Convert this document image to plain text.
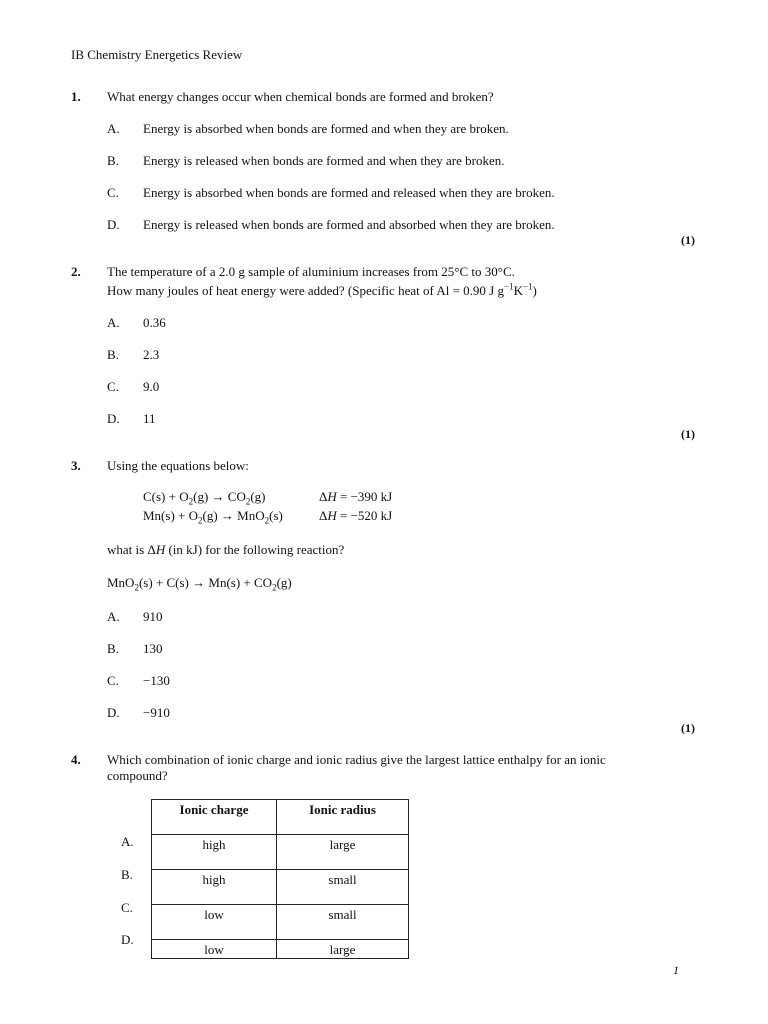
IB Chemistry Energetics Review
1. What energy changes occur when chemical bonds are formed and broken?
A. Energy is absorbed when bonds are formed and when they are broken.
B. Energy is released when bonds are formed and when they are broken.
C. Energy is absorbed when bonds are formed and released when they are broken.
D. Energy is released when bonds are formed and absorbed when they are broken.
(1)
2. The temperature of a 2.0 g sample of aluminium increases from 25°C to 30°C.
How many joules of heat energy were added? (Specific heat of Al = 0.90 J $g^{-1}K^{-1}$)
A. 0.36
B. 2.3
C. 9.0
D. 11
(1)
3. Using the equations below:
$C(s) + O_2(g) \to CO_2(g)$	ΔH = −390 kJ
$Mn(s) + O_2(g) \to MnO_2(s)$	ΔH = −520 kJ
what is ΔH (in kJ) for the following reaction?
$MnO_2(s) + C(s) \to Mn(s) + CO_2(g)$
A. 910
B. 130
C. −130
D. −910
(1)
4. Which combination of ionic charge and ionic radius give the largest lattice enthalpy for an ionic
compound?
Ionic charge	Ionic radius
high	large
high	small
low	small
low	large
A.
B.
C.
D.
1
